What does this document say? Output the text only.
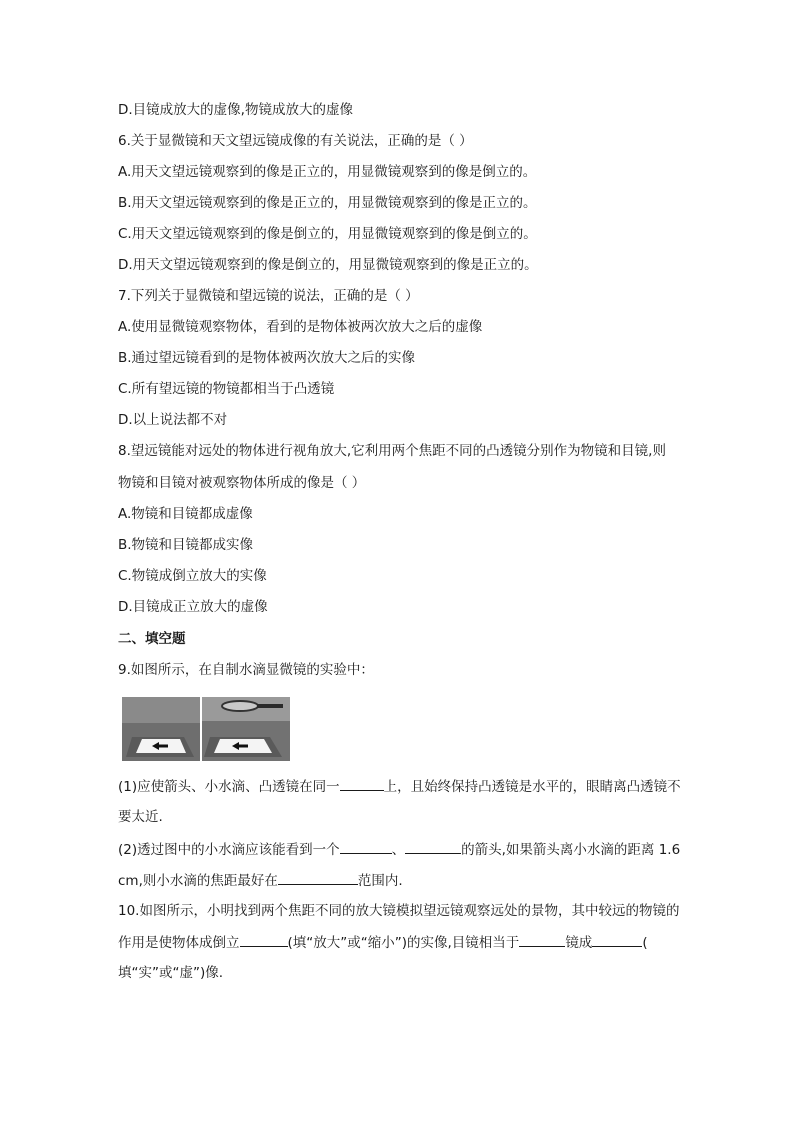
D.目镜成放大的虚像,物镜成放大的虚像
6.关于显微镜和天文望远镜成像的有关说法，正确的是（ ）
A.用天文望远镜观察到的像是正立的，用显微镜观察到的像是倒立的。
B.用天文望远镜观察到的像是正立的，用显微镜观察到的像是正立的。
C.用天文望远镜观察到的像是倒立的，用显微镜观察到的像是倒立的。
D.用天文望远镜观察到的像是倒立的，用显微镜观察到的像是正立的。
7.下列关于显微镜和望远镜的说法，正确的是（ ）
A.使用显微镜观察物体，看到的是物体被两次放大之后的虚像
B.通过望远镜看到的是物体被两次放大之后的实像
C.所有望远镜的物镜都相当于凸透镜
D.以上说法都不对
8.望远镜能对远处的物体进行视角放大,它利用两个焦距不同的凸透镜分别作为物镜和目镜,则
物镜和目镜对被观察物体所成的像是（ ）
A.物镜和目镜都成虚像
B.物镜和目镜都成实像
C.物镜成倒立放大的实像
D.目镜成正立放大的虚像
二、填空题
9.如图所示，在自制水滴显微镜的实验中：
(1)应使箭头、小水滴、凸透镜在同一	上，且始终保持凸透镜是水平的，眼睛离凸透镜不
要太近.
(2)透过图中的小水滴应该能看到一个	、	的箭头,如果箭头离小水滴的距离 1.6
cm,则小水滴的焦距最好在	范围内.
10.如图所示，小明找到两个焦距不同的放大镜模拟望远镜观察远处的景物，其中较远的物镜的
作用是使物体成倒立	(填“放大”或“缩小”)的实像,目镜相当于	镜成	(
填“实”或“虚”)像.
